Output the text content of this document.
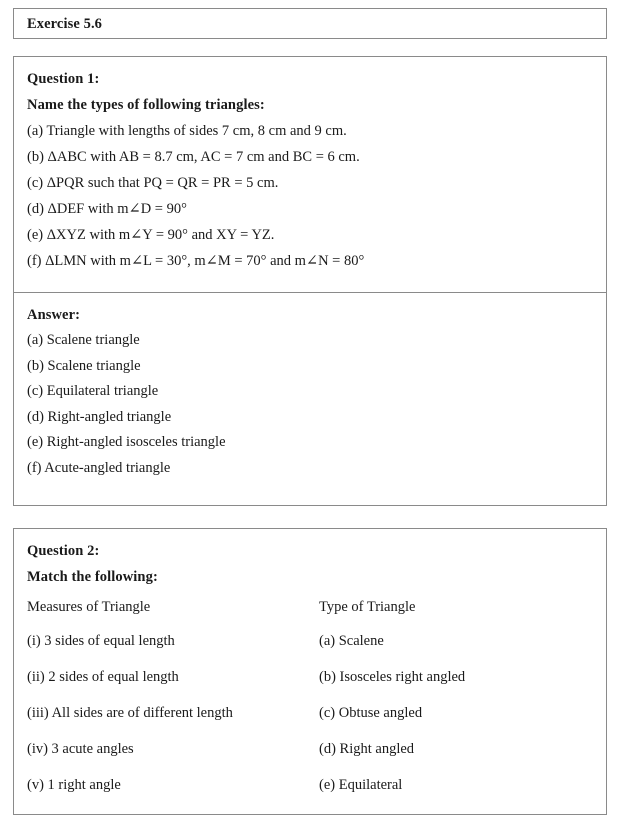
Exercise 5.6
Question 1:
Name the types of following triangles:
(a) Triangle with lengths of sides 7 cm, 8 cm and 9 cm.
(b) ΔABC with AB = 8.7 cm, AC = 7 cm and BC = 6 cm.
(c) ΔPQR such that PQ = QR = PR = 5 cm.
(d) ΔDEF with m∠D = 90°
(e) ΔXYZ with m∠Y = 90° and XY = YZ.
(f) ΔLMN with m∠L = 30°, m∠M = 70° and m∠N = 80°
Answer:
(a) Scalene triangle
(b) Scalene triangle
(c) Equilateral triangle
(d) Right-angled triangle
(e) Right-angled isosceles triangle
(f) Acute-angled triangle
Question 2:
Match the following:
Measures of Triangle	Type of Triangle
(i) 3 sides of equal length	(a) Scalene
(ii) 2 sides of equal length	(b) Isosceles right angled
(iii) All sides are of different length	(c) Obtuse angled
(iv) 3 acute angles	(d) Right angled
(v) 1 right angle	(e) Equilateral
